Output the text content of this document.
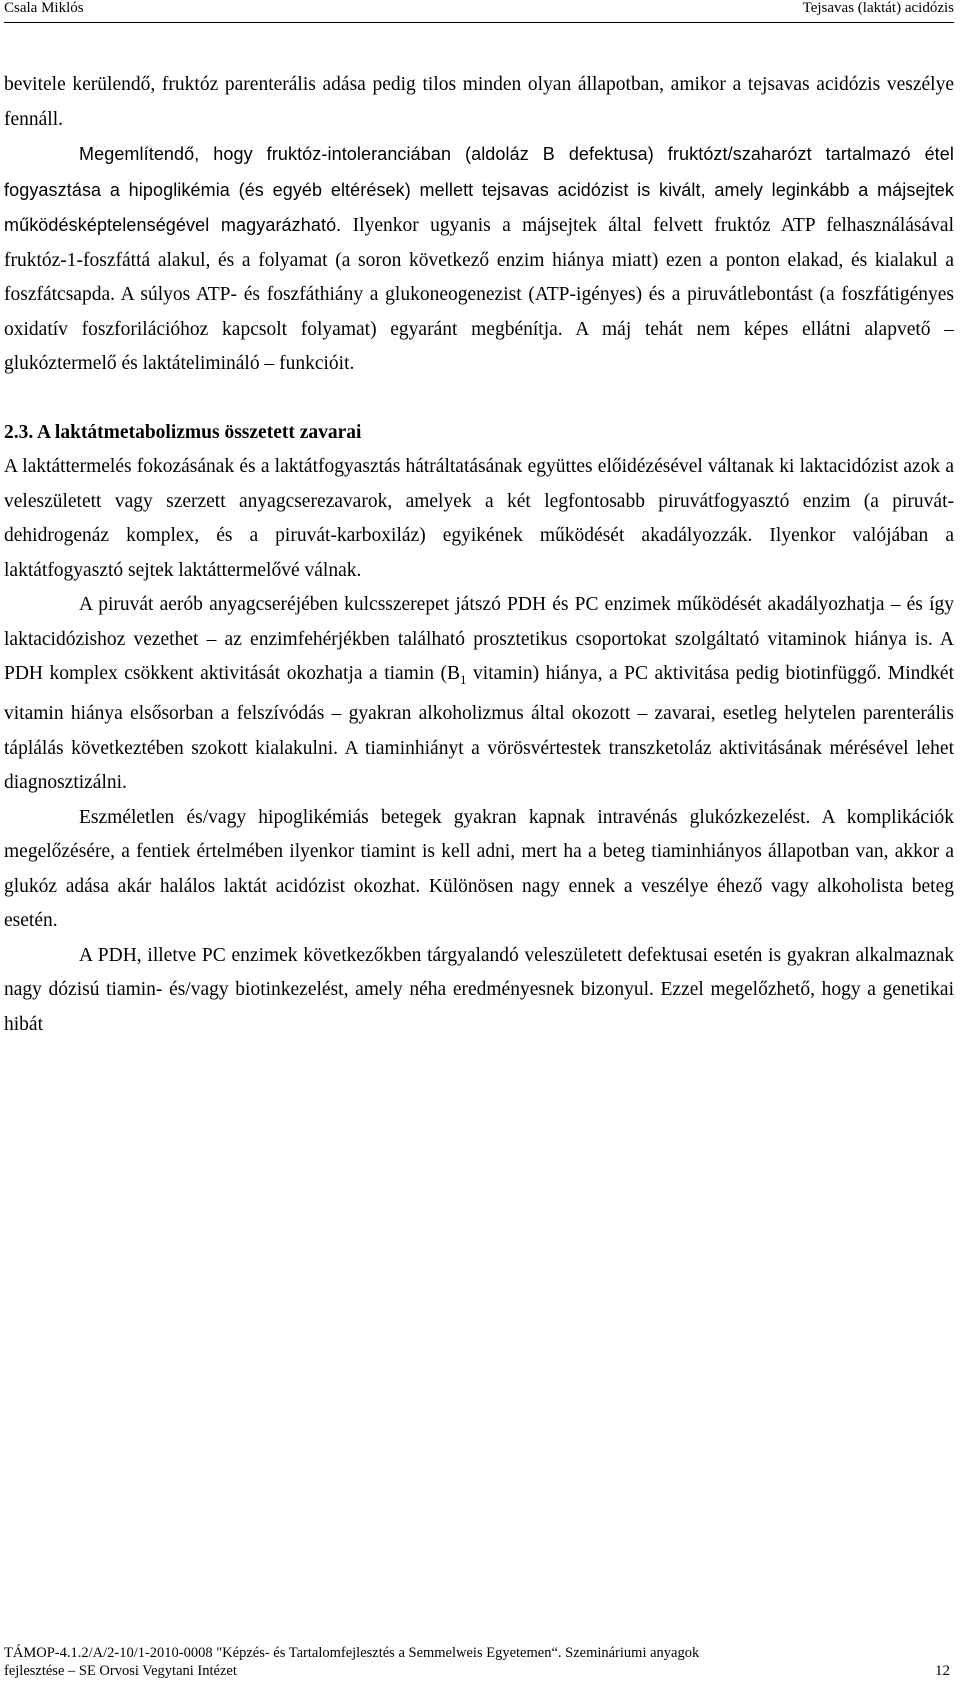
Csala Miklós	Tejsavas (laktát) acidózis

bevitele kerülendő, fruktóz parenterális adása pedig tilos minden olyan állapotban, amikor a tejsavas acidózis veszélye fennáll.

Megemlítendő, hogy fruktóz-intoleranciában (aldoláz B defektusa) fruktózt/szaharózt tartalmazó étel fogyasztása a hipoglikémia (és egyéb eltérések) mellett tejsavas acidózist is kivált, amely leginkább a májsejtek működésképtelenségével magyarázható. Ilyenkor ugyanis a májsejtek által felvett fruktóz ATP felhasználásával fruktóz-1-foszfáttá alakul, és a folyamat (a soron következő enzim hiánya miatt) ezen a ponton elakad, és kialakul a foszfátcsapda. A súlyos ATP- és foszfáthiány a glukoneogenezist (ATP-igényes) és a piruvátlebontást (a foszfátigényes oxidatív foszforilációhoz kapcsolt folyamat) egyaránt megbénítja. A máj tehát nem képes ellátni alapvető – glukóztermelő és laktátelimináló – funkcióit.

2.3. A laktátmetabolizmus összetett zavarai

A laktáttermelés fokozásának és a laktátfogyasztás hátráltatásának együttes előidézésével váltanak ki laktacidózist azok a veleszületett vagy szerzett anyagcserezavarok, amelyek a két legfontosabb piruvátfogyasztó enzim (a piruvát-dehidrogenáz komplex, és a piruvát-karboxiláz) egyikének működését akadályozzák. Ilyenkor valójában a laktátfogyasztó sejtek laktáttermelővé válnak.

A piruvát aerób anyagcseréjében kulcsszerepet játszó PDH és PC enzimek működését akadályozhatja – és így laktacidózishoz vezethet – az enzimfehérjékben található prosztetikus csoportokat szolgáltató vitaminok hiánya is. A PDH komplex csökkent aktivitását okozhatja a tiamin ($B_1$ vitamin) hiánya, a PC aktivitása pedig biotinfüggő. Mindkét vitamin hiánya elsősorban a felszívódás – gyakran alkoholizmus által okozott – zavarai, esetleg helytelen parenterális táplálás következtében szokott kialakulni. A tiaminhiányt a vörösvértestek transzketoláz aktivitásának mérésével lehet diagnosztizálni.

Eszméletlen és/vagy hipoglikémiás betegek gyakran kapnak intravénás glukózkezelést. A komplikációk megelőzésére, a fentiek értelmében ilyenkor tiamint is kell adni, mert ha a beteg tiaminhiányos állapotban van, akkor a glukóz adása akár halálos laktát acidózist okozhat. Különösen nagy ennek a veszélye éhező vagy alkoholista beteg esetén.

A PDH, illetve PC enzimek következőkben tárgyalandó veleszületett defektusai esetén is gyakran alkalmaznak nagy dózisú tiamin- és/vagy biotinkezelést, amely néha eredményesnek bizonyul. Ezzel megelőzhető, hogy a genetikai hibát

TÁMOP-4.1.2/A/2-10/1-2010-0008 "Képzés- és Tartalomfejlesztés a Semmelweis Egyetemen“. Szemináriumi anyagok
fejlesztése – SE Orvosi Vegytani Intézet	12
